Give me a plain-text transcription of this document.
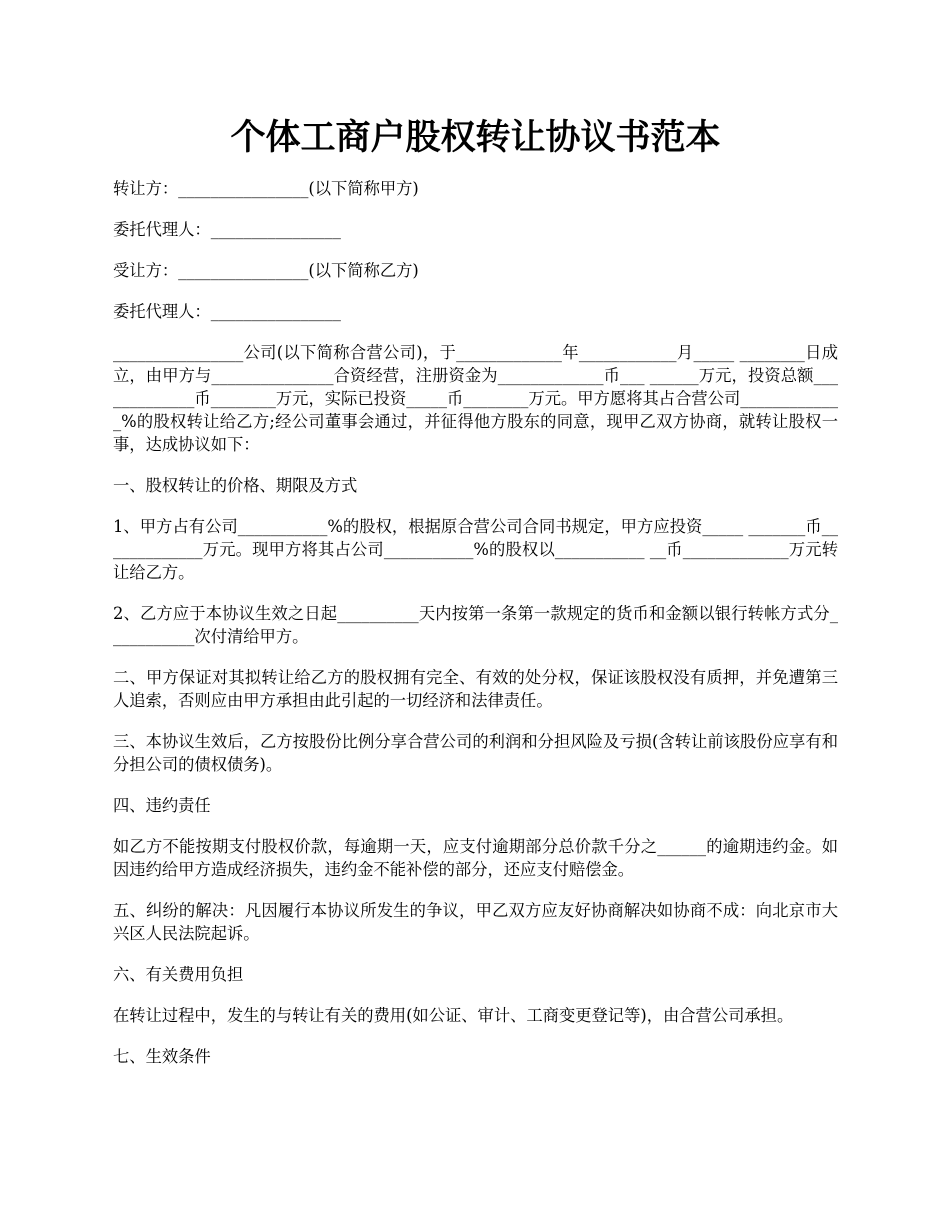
个体工商户股权转让协议书范本

转让方：________________(以下简称甲方)

委托代理人：________________

受让方：________________(以下简称乙方)

委托代理人：________________

________________公司(以下简称合营公司)，于_____________年____________月_____ ________日成立，由甲方与_______________合资经营，注册资金为_____________币___ ______万元，投资总额_____________币________万元，实际已投资_____币________万元。甲方愿将其占合营公司_____________%的股权转让给乙方;经公司董事会通过，并征得他方股东的同意，现甲乙双方协商，就转让股权一事，达成协议如下：

一、股权转让的价格、期限及方式

1、甲方占有公司___________%的股权，根据原合营公司合同书规定，甲方应投资_____ _______币_____________万元。现甲方将其占公司___________%的股权以___________ __币_____________万元转让给乙方。

2、乙方应于本协议生效之日起__________天内按第一条第一款规定的货币和金额以银行转帐方式分___________次付清给甲方。

二、甲方保证对其拟转让给乙方的股权拥有完全、有效的处分权，保证该股权没有质押，并免遭第三人追索，否则应由甲方承担由此引起的一切经济和法律责任。

三、本协议生效后，乙方按股份比例分享合营公司的利润和分担风险及亏损(含转让前该股份应享有和分担公司的债权债务)。

四、违约责任

如乙方不能按期支付股权价款，每逾期一天，应支付逾期部分总价款千分之______的逾期违约金。如因违约给甲方造成经济损失，违约金不能补偿的部分，还应支付赔偿金。

五、纠纷的解决：凡因履行本协议所发生的争议，甲乙双方应友好协商解决如协商不成：向北京市大兴区人民法院起诉。

六、有关费用负担

在转让过程中，发生的与转让有关的费用(如公证、审计、工商变更登记等)，由合营公司承担。

七、生效条件
